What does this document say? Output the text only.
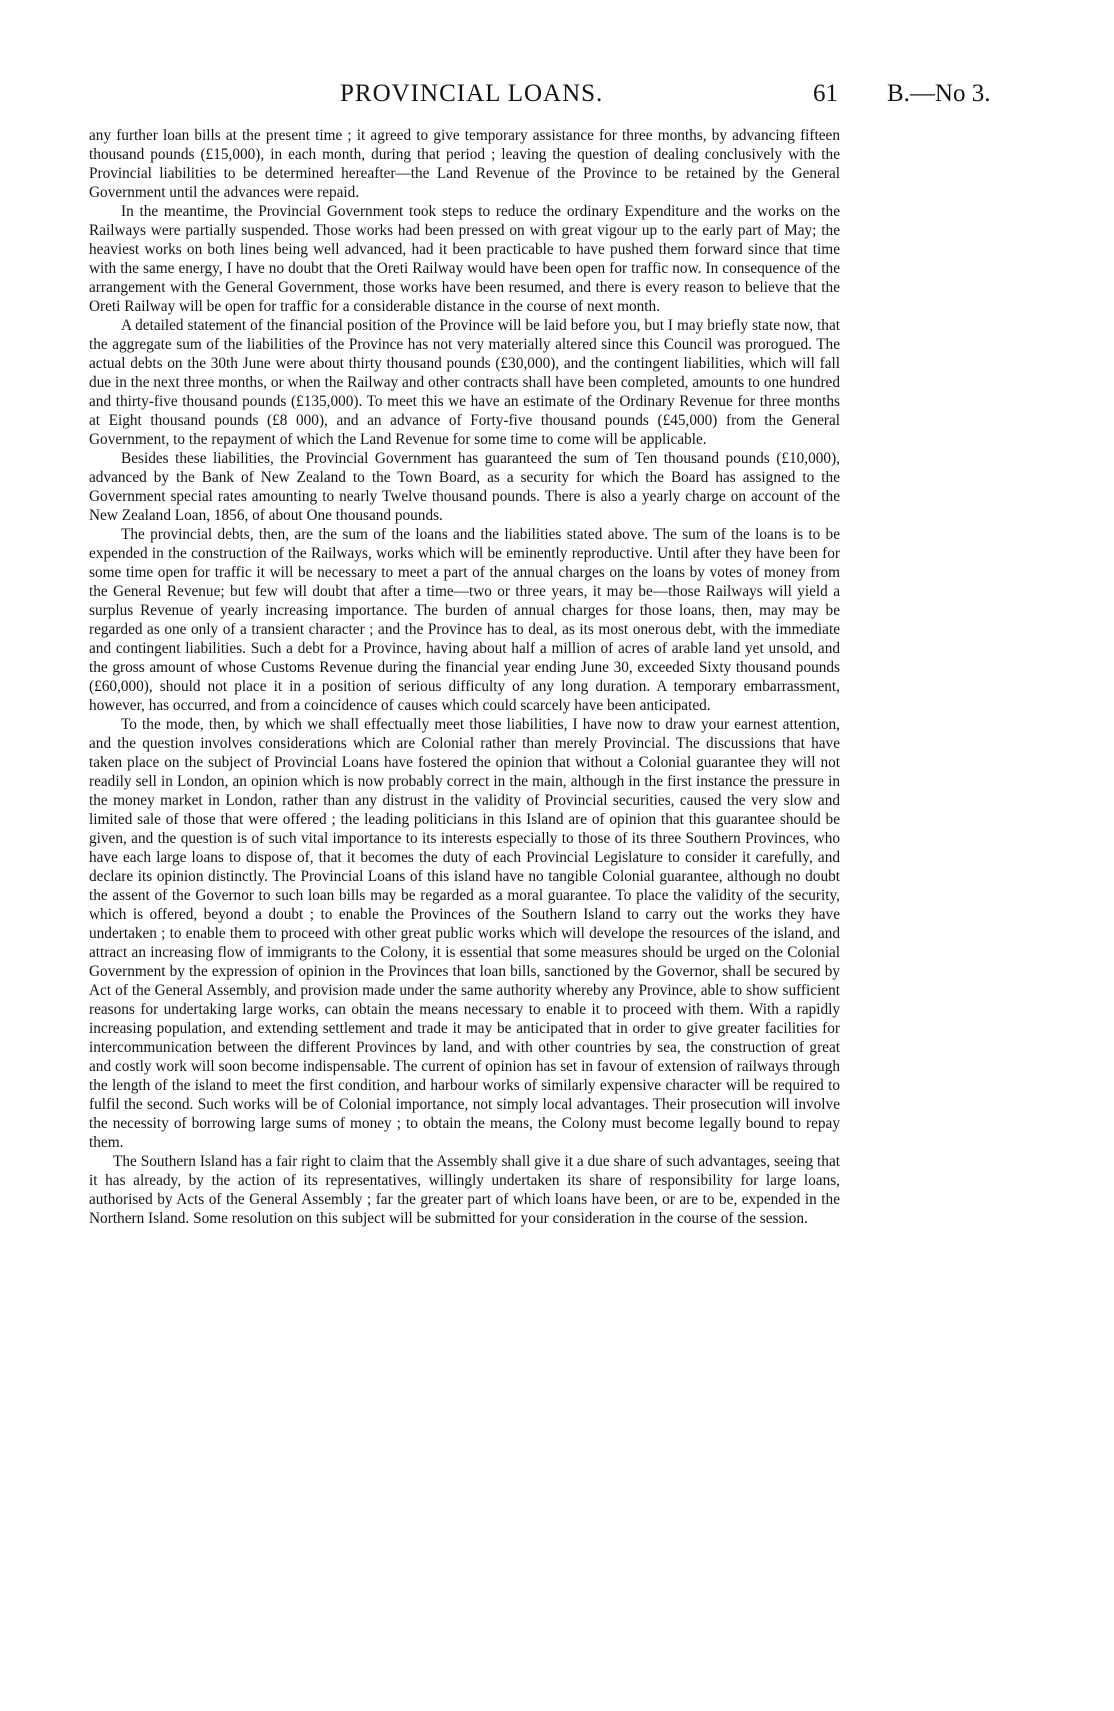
PROVINCIAL LOANS.	61 B.—No 3.

any further loan bills at the present time ; it agreed to give temporary assistance for three months, by advancing fifteen thousand pounds (£15,000), in each month, during that period ; leaving the question of dealing conclusively with the Provincial liabilities to be determined hereafter—the Land Revenue of the Province to be retained by the General Government until the advances were repaid.

In the meantime, the Provincial Government took steps to reduce the ordinary Expenditure and the works on the Railways were partially suspended. Those works had been pressed on with great vigour up to the early part of May; the heaviest works on both lines being well advanced, had it been practicable to have pushed them forward since that time with the same energy, I have no doubt that the Oreti Railway would have been open for traffic now. In consequence of the arrangement with the General Government, those works have been resumed, and there is every reason to believe that the Oreti Railway will be open for traffic for a considerable distance in the course of next month.

A detailed statement of the financial position of the Province will be laid before you, but I may briefly state now, that the aggregate sum of the liabilities of the Province has not very materially altered since this Council was prorogued. The actual debts on the 30th June were about thirty thousand pounds (£30,000), and the contingent liabilities, which will fall due in the next three months, or when the Railway and other contracts shall have been completed, amounts to one hundred and thirty-five thousand pounds (£135,000). To meet this we have an estimate of the Ordinary Revenue for three months at Eight thousand pounds (£8 000), and an advance of Forty-five thousand pounds (£45,000) from the General Government, to the repayment of which the Land Revenue for some time to come will be applicable.

Besides these liabilities, the Provincial Government has guaranteed the sum of Ten thousand pounds (£10,000), advanced by the Bank of New Zealand to the Town Board, as a security for which the Board has assigned to the Government special rates amounting to nearly Twelve thousand pounds. There is also a yearly charge on account of the New Zealand Loan, 1856, of about One thousand pounds.

The provincial debts, then, are the sum of the loans and the liabilities stated above. The sum of the loans is to be expended in the construction of the Railways, works which will be eminently reproductive. Until after they have been for some time open for traffic it will be necessary to meet a part of the annual charges on the loans by votes of money from the General Revenue; but few will doubt that after a time—two or three years, it may be—those Railways will yield a surplus Revenue of yearly increasing importance. The burden of annual charges for those loans, then, may may be regarded as one only of a transient character ; and the Province has to deal, as its most onerous debt, with the immediate and contingent liabilities. Such a debt for a Province, having about half a million of acres of arable land yet unsold, and the gross amount of whose Customs Revenue during the financial year ending June 30, exceeded Sixty thousand pounds (£60,000), should not place it in a position of serious difficulty of any long duration. A temporary embarrassment, however, has occurred, and from a coincidence of causes which could scarcely have been anticipated.

To the mode, then, by which we shall effectually meet those liabilities, I have now to draw your earnest attention, and the question involves considerations which are Colonial rather than merely Provincial. The discussions that have taken place on the subject of Provincial Loans have fostered the opinion that without a Colonial guarantee they will not readily sell in London, an opinion which is now probably correct in the main, although in the first instance the pressure in the money market in London, rather than any distrust in the validity of Provincial securities, caused the very slow and limited sale of those that were offered ; the leading politicians in this Island are of opinion that this guarantee should be given, and the question is of such vital importance to its interests especially to those of its three Southern Provinces, who have each large loans to dispose of, that it becomes the duty of each Provincial Legislature to consider it carefully, and declare its opinion distinctly. The Provincial Loans of this island have no tangible Colonial guarantee, although no doubt the assent of the Governor to such loan bills may be regarded as a moral guarantee. To place the validity of the security, which is offered, beyond a doubt ; to enable the Provinces of the Southern Island to carry out the works they have undertaken ; to enable them to proceed with other great public works which will develope the resources of the island, and attract an increasing flow of immigrants to the Colony, it is essential that some measures should be urged on the Colonial Government by the expression of opinion in the Provinces that loan bills, sanctioned by the Governor, shall be secured by Act of the General Assembly, and provision made under the same authority whereby any Province, able to show sufficient reasons for undertaking large works, can obtain the means necessary to enable it to proceed with them. With a rapidly increasing population, and extending settlement and trade it may be anticipated that in order to give greater facilities for intercommunication between the different Provinces by land, and with other countries by sea, the construction of great and costly work will soon become indispensable. The current of opinion has set in favour of extension of railways through the length of the island to meet the first condition, and harbour works of similarly expensive character will be required to fulfil the second. Such works will be of Colonial importance, not simply local advantages. Their prosecution will involve the necessity of borrowing large sums of money ; to obtain the means, the Colony must become legally bound to repay them.

The Southern Island has a fair right to claim that the Assembly shall give it a due share of such advantages, seeing that it has already, by the action of its representatives, willingly undertaken its share of responsibility for large loans, authorised by Acts of the General Assembly ; far the greater part of which loans have been, or are to be, expended in the Northern Island. Some resolution on this subject will be submitted for your consideration in the course of the session.
